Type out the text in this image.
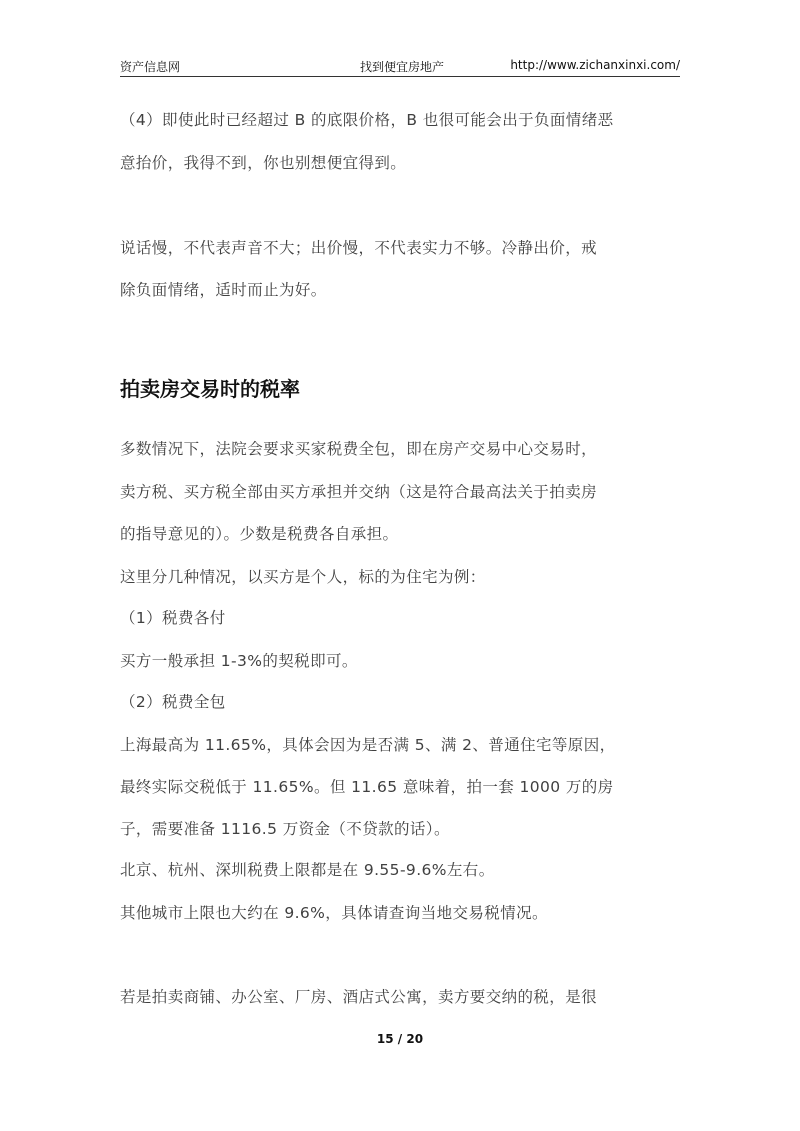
资产信息网	找到便宜房地产	http://www.zichanxinxi.com/
（4）即使此时已经超过 B 的底限价格，B 也很可能会出于负面情绪恶
意抬价，我得不到，你也别想便宜得到。
说话慢，不代表声音不大；出价慢，不代表实力不够。冷静出价，戒
除负面情绪，适时而止为好。
拍卖房交易时的税率
多数情况下，法院会要求买家税费全包，即在房产交易中心交易时，
卖方税、买方税全部由买方承担并交纳（这是符合最高法关于拍卖房
的指导意见的）。少数是税费各自承担。
这里分几种情况，以买方是个人，标的为住宅为例：
（1）税费各付
买方一般承担 1-3%的契税即可。
（2）税费全包
上海最高为 11.65%，具体会因为是否满 5、满 2、普通住宅等原因，
最终实际交税低于 11.65%。但 11.65 意味着，拍一套 1000 万的房
子，需要准备 1116.5 万资金（不贷款的话）。
北京、杭州、深圳税费上限都是在 9.55-9.6%左右。
其他城市上限也大约在 9.6%，具体请查询当地交易税情况。
若是拍卖商铺、办公室、厂房、酒店式公寓，卖方要交纳的税，是很
15 / 20
